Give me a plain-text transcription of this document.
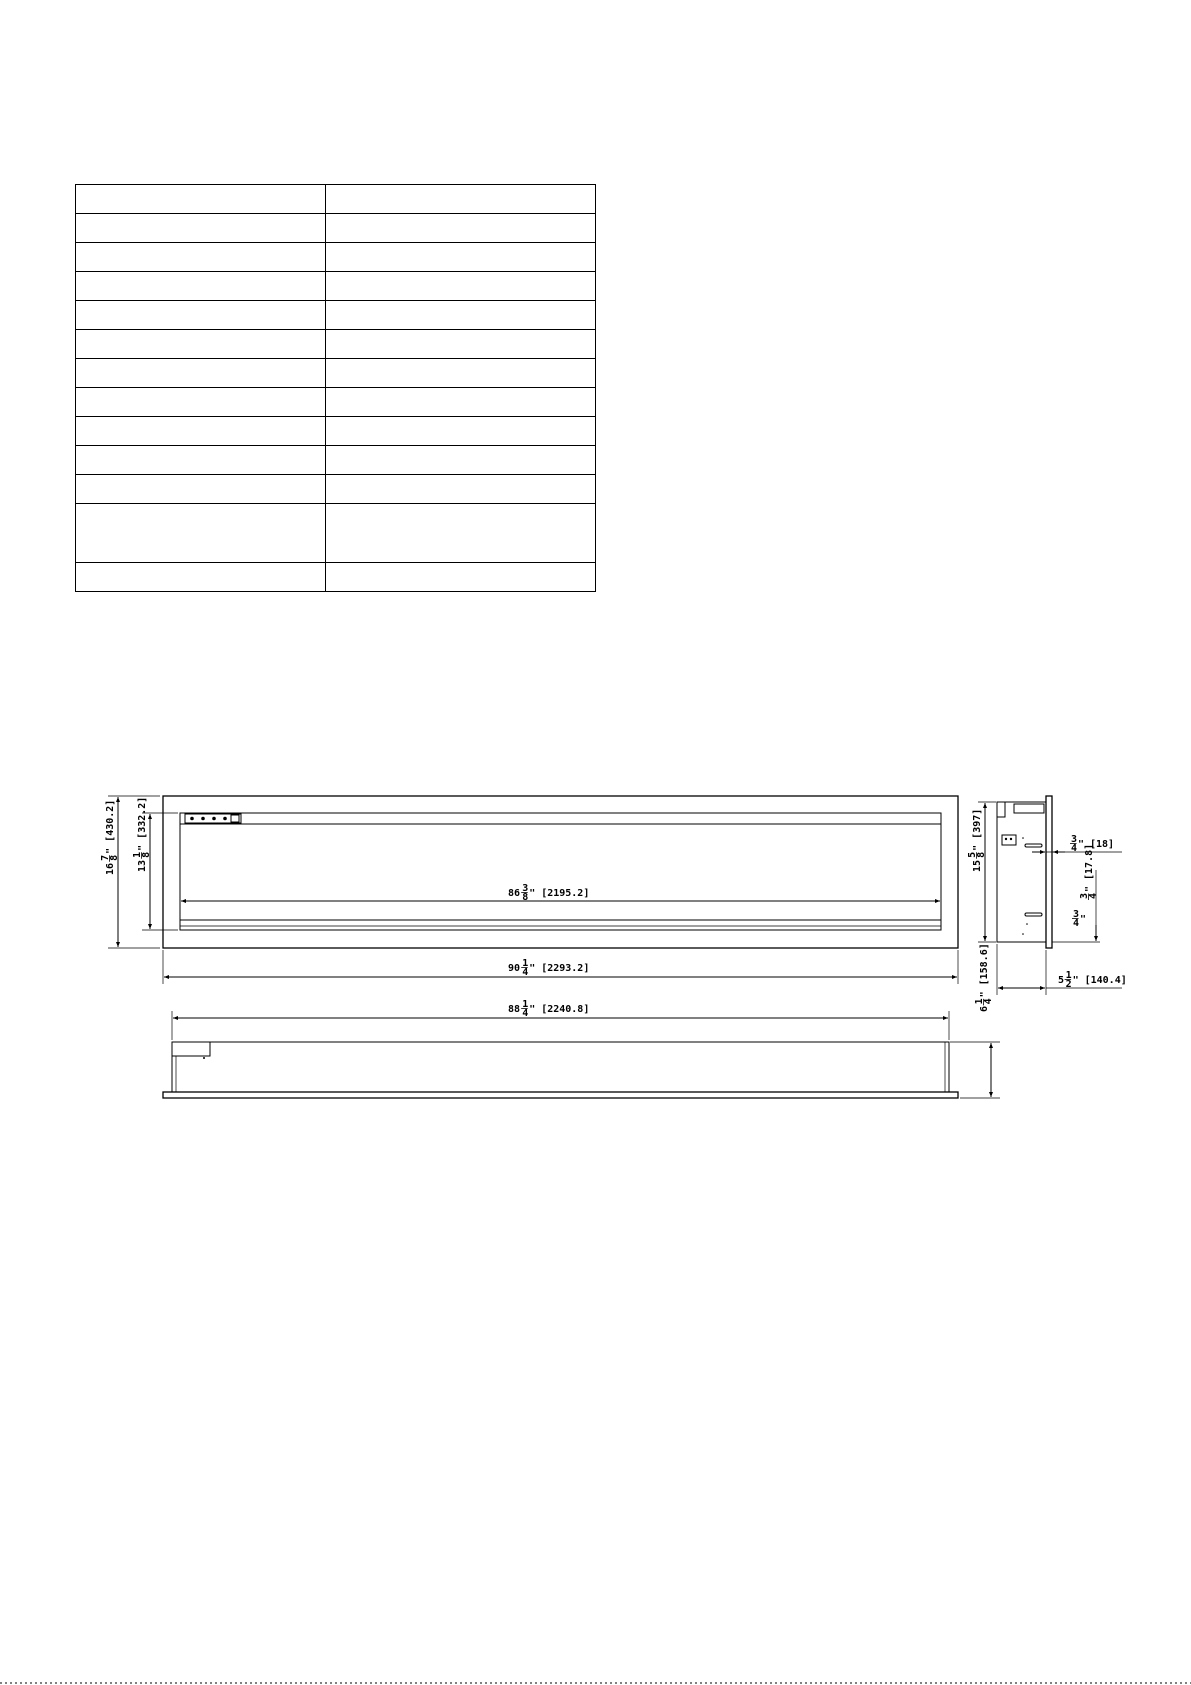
86 3
8 " [2195.2]
16
7
8
"
[430.2]
13
1
8
"
[332.2]
90 1
4 " [2293.2]
88 1
4 " [2240.8]	6
1
4
"
[158.6]
15
5
8
"
[397]
3
4 " [18]
3
4
"
[17.8]
3
4 "
5 1
2 " [140.4]
